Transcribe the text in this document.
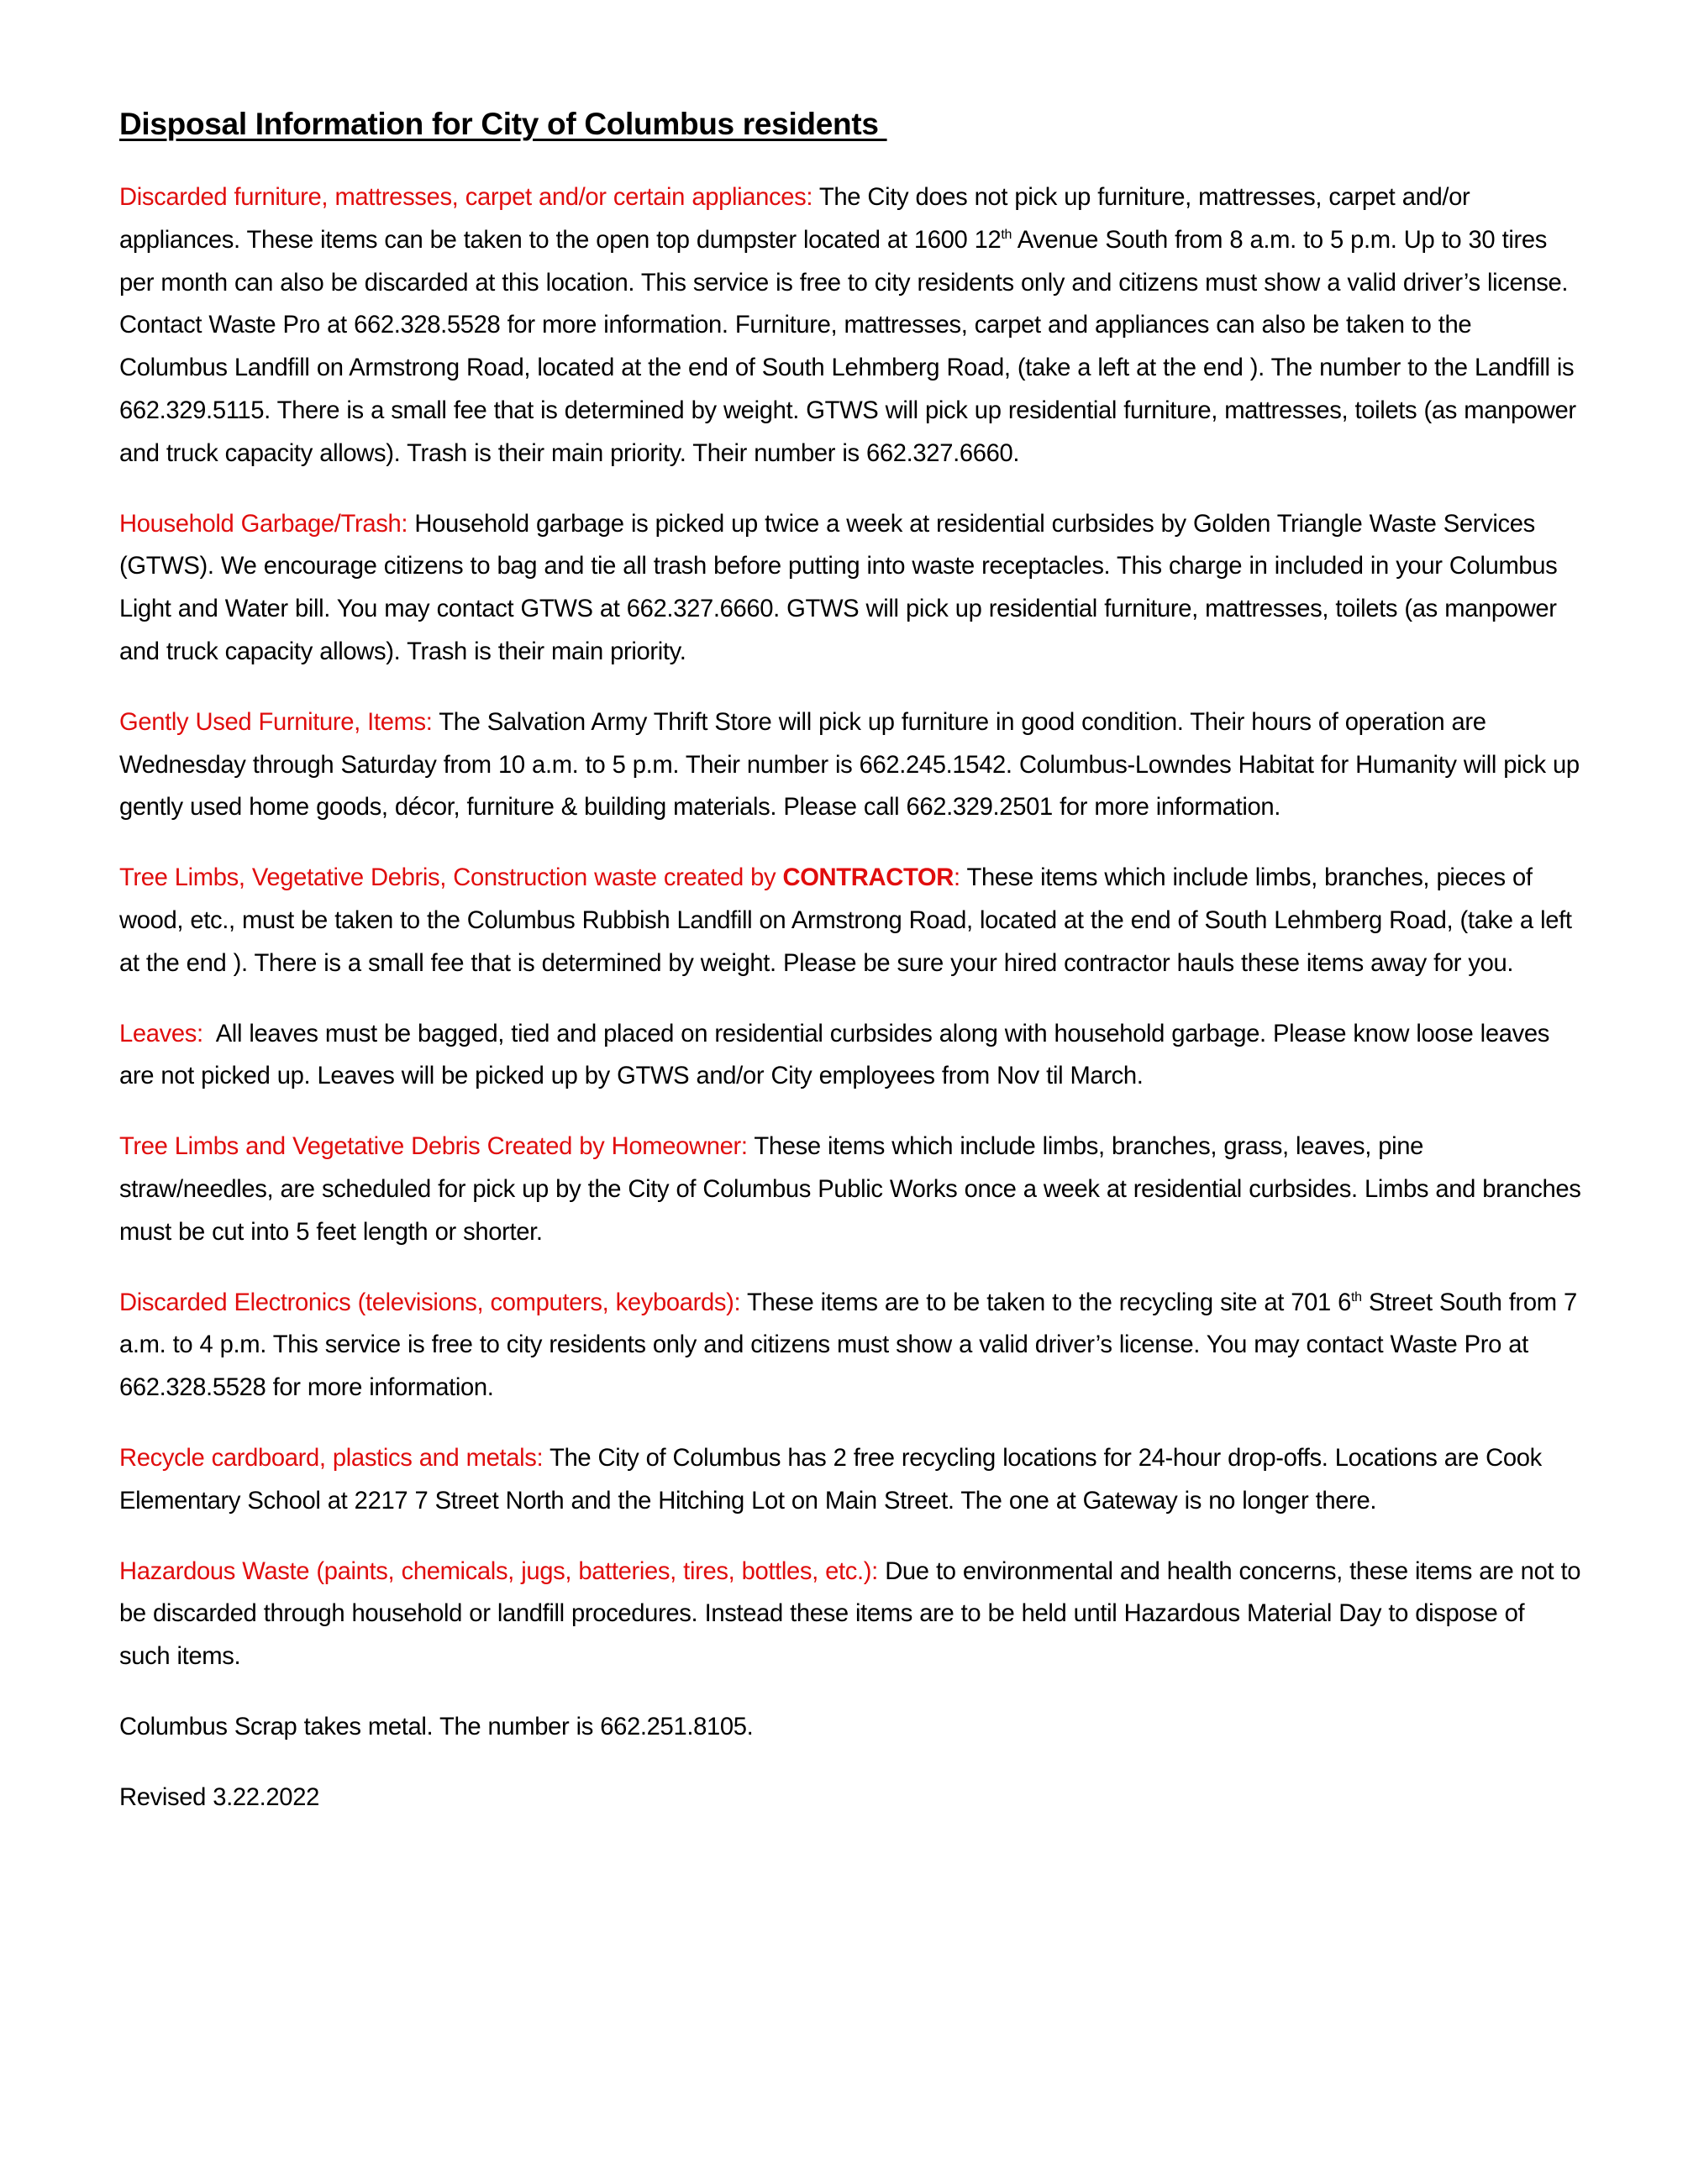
Disposal Information for City of Columbus residents

Discarded furniture, mattresses, carpet and/or certain appliances: The City does not pick up furniture, mattresses, carpet and/or appliances. These items can be taken to the open top dumpster located at 1600 12th Avenue South from 8 a.m. to 5 p.m. Up to 30 tires per month can also be discarded at this location. This service is free to city residents only and citizens must show a valid driver’s license. Contact Waste Pro at 662.328.5528 for more information. Furniture, mattresses, carpet and appliances can also be taken to the Columbus Landfill on Armstrong Road, located at the end of South Lehmberg Road, (take a left at the end ). The number to the Landfill is 662.329.5115. There is a small fee that is determined by weight. GTWS will pick up residential furniture, mattresses, toilets (as manpower and truck capacity allows). Trash is their main priority. Their number is 662.327.6660.

Household Garbage/Trash: Household garbage is picked up twice a week at residential curbsides by Golden Triangle Waste Services (GTWS). We encourage citizens to bag and tie all trash before putting into waste receptacles. This charge in included in your Columbus Light and Water bill. You may contact GTWS at 662.327.6660. GTWS will pick up residential furniture, mattresses, toilets (as manpower and truck capacity allows). Trash is their main priority.

Gently Used Furniture, Items: The Salvation Army Thrift Store will pick up furniture in good condition. Their hours of operation are Wednesday through Saturday from 10 a.m. to 5 p.m. Their number is 662.245.1542. Columbus-Lowndes Habitat for Humanity will pick up gently used home goods, décor, furniture & building materials. Please call 662.329.2501 for more information.

Tree Limbs, Vegetative Debris, Construction waste created by CONTRACTOR: These items which include limbs, branches, pieces of wood, etc., must be taken to the Columbus Rubbish Landfill on Armstrong Road, located at the end of South Lehmberg Road, (take a left at the end ). There is a small fee that is determined by weight. Please be sure your hired contractor hauls these items away for you.

Leaves:  All leaves must be bagged, tied and placed on residential curbsides along with household garbage. Please know loose leaves are not picked up. Leaves will be picked up by GTWS and/or City employees from Nov til March.

Tree Limbs and Vegetative Debris Created by Homeowner: These items which include limbs, branches, grass, leaves, pine straw/needles, are scheduled for pick up by the City of Columbus Public Works once a week at residential curbsides. Limbs and branches must be cut into 5 feet length or shorter.

Discarded Electronics (televisions, computers, keyboards): These items are to be taken to the recycling site at 701 6th Street South from 7 a.m. to 4 p.m. This service is free to city residents only and citizens must show a valid driver’s license. You may contact Waste Pro at 662.328.5528 for more information.

Recycle cardboard, plastics and metals: The City of Columbus has 2 free recycling locations for 24-hour drop-offs. Locations are Cook Elementary School at 2217 7 Street North and the Hitching Lot on Main Street. The one at Gateway is no longer there.

Hazardous Waste (paints, chemicals, jugs, batteries, tires, bottles, etc.): Due to environmental and health concerns, these items are not to be discarded through household or landfill procedures. Instead these items are to be held until Hazardous Material Day to dispose of such items.

Columbus Scrap takes metal. The number is 662.251.8105.

Revised 3.22.2022
